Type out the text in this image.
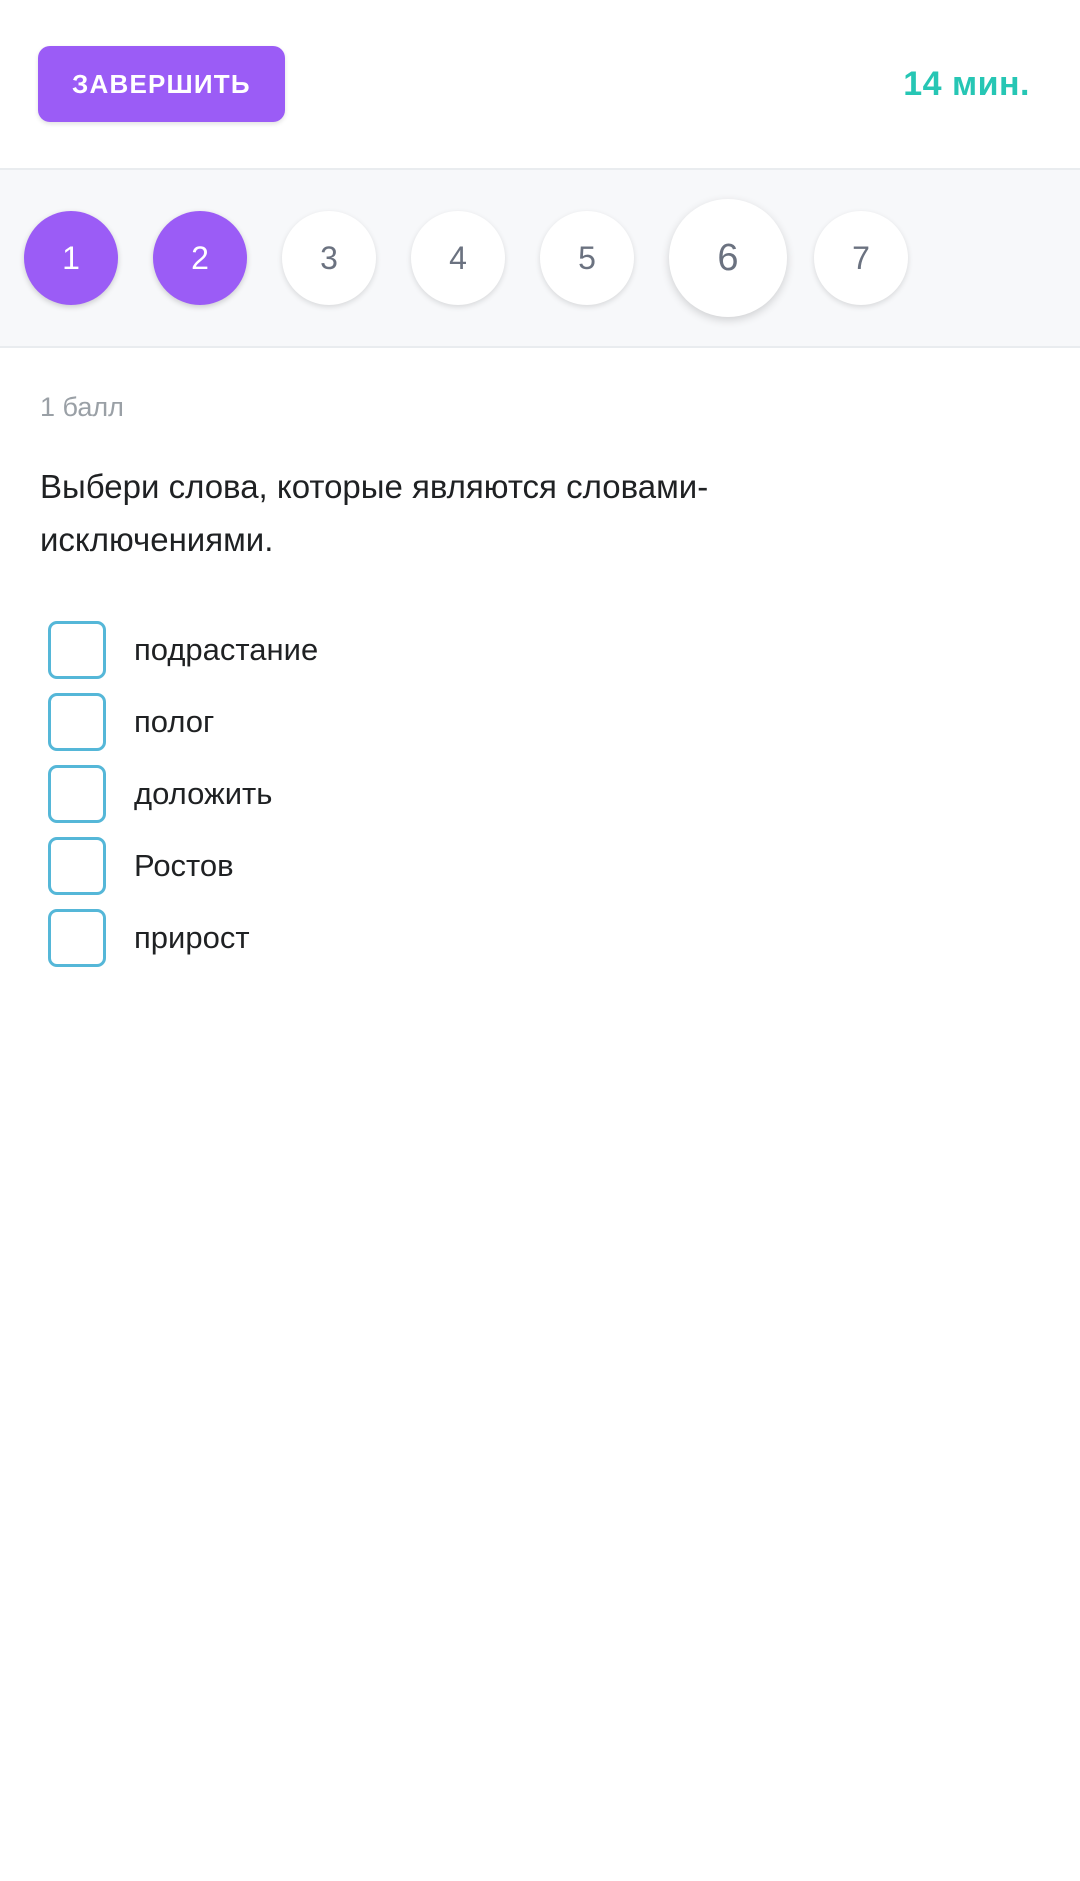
ЗАВЕРШИТЬ	14 мин.
1	2	3	4	5	6	7
1 балл
Выбери слова, которые являются словами-исключениями.
подрастание
полог
доложить
Ростов
прирост
